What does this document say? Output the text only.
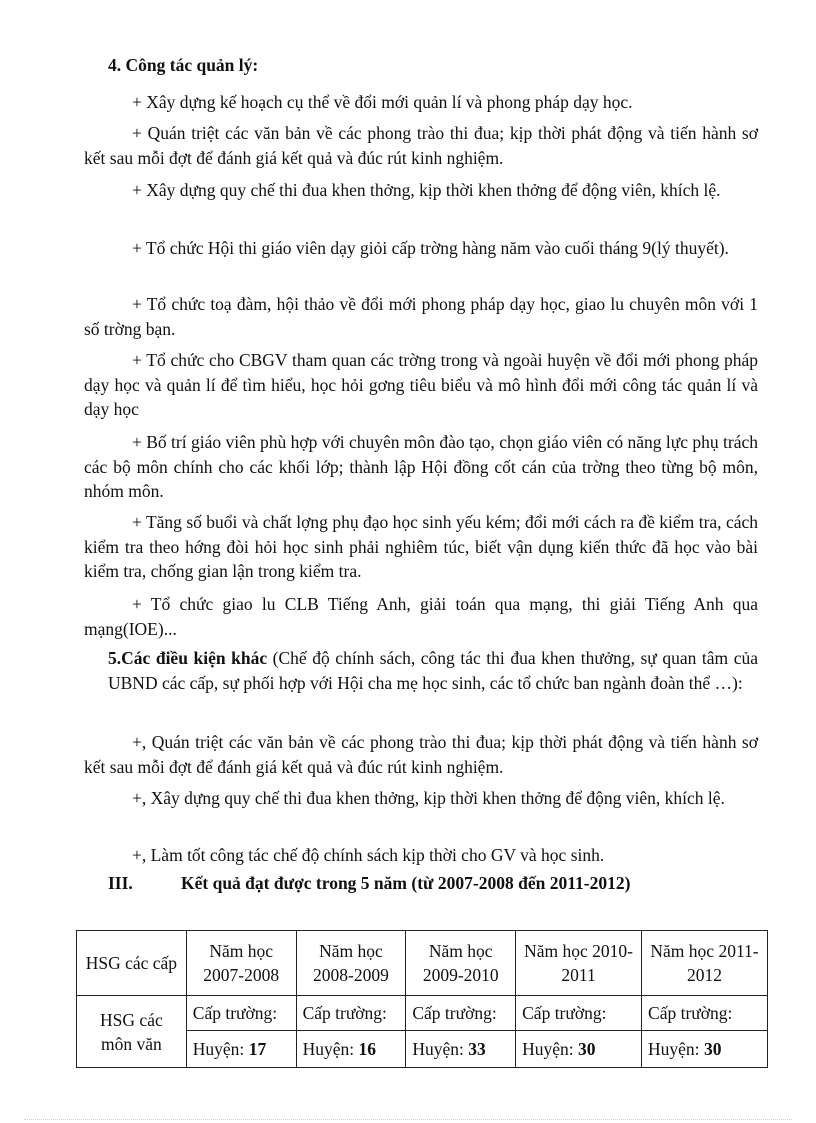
4. Công tác quản lý:
+ Xây dựng kế hoạch cụ thể về đổi mới quản lí và phong pháp dạy học.
+ Quán triệt các văn bản về các phong trào thi đua; kịp thời phát động và tiến hành sơ kết sau mỗi đợt để đánh giá kết quả và đúc rút kinh nghiệm.
+ Xây dựng quy chế thi đua khen thởng, kịp thời khen thởng để động viên, khích lệ.
+ Tổ chức Hội thi giáo viên dạy giỏi cấp trờng hàng năm vào cuối tháng 9(lý thuyết).
+ Tổ chức toạ đàm, hội thảo về đổi mới phong pháp dạy học, giao lu chuyên môn với 1 số trờng bạn.
+ Tổ chức cho CBGV tham quan các trờng trong và ngoài huyện về đổi mới phong pháp dạy học và quản lí để tìm hiểu, học hỏi gơng tiêu biểu và mô hình đổi mới công tác quản lí và dạy học
+ Bố trí giáo viên phù hợp với chuyên môn đào tạo, chọn giáo viên có năng lực phụ trách các bộ môn chính cho các khối lớp; thành lập Hội đồng cốt cán của trờng theo từng bộ môn, nhóm môn.
+ Tăng số buổi và chất lợng phụ đạo học sinh yếu kém; đổi mới cách ra đề kiểm tra, cách kiểm tra theo hớng đòi hỏi học sinh phải nghiêm túc, biết vận dụng kiến thức đã học vào bài kiểm tra, chống gian lận trong kiểm tra.
+ Tổ chức giao lu CLB Tiếng Anh, giải toán qua mạng, thi giải Tiếng Anh qua mạng(IOE)...
5.Các điều kiện khác (Chế độ chính sách, công tác thi đua khen thưởng, sự quan tâm của UBND các cấp, sự phối hợp với Hội cha mẹ học sinh, các tổ chức ban ngành đoàn thể …):
+, Quán triệt các văn bản về các phong trào thi đua; kịp thời phát động và tiến hành sơ kết sau mỗi đợt để đánh giá kết quả và đúc rút kinh nghiệm.
+, Xây dựng quy chế thi đua khen thởng, kịp thời khen thởng để động viên, khích lệ.
+, Làm tốt công tác chế độ chính sách kịp thời cho GV và học sinh.
III.	Kết quả đạt được trong 5 năm (từ 2007-2008 đến 2011-2012)
HSG các cấp	Năm học 2007-2008	Năm học 2008-2009	Năm học 2009-2010	Năm học 2010-2011	Năm học 2011-2012
HSG các môn văn	Cấp trường:	Cấp trường:	Cấp trường:	Cấp trường:	Cấp trường:
	Huyện: 17	Huyện: 16	Huyện: 33	Huyện: 30	Huyện: 30
